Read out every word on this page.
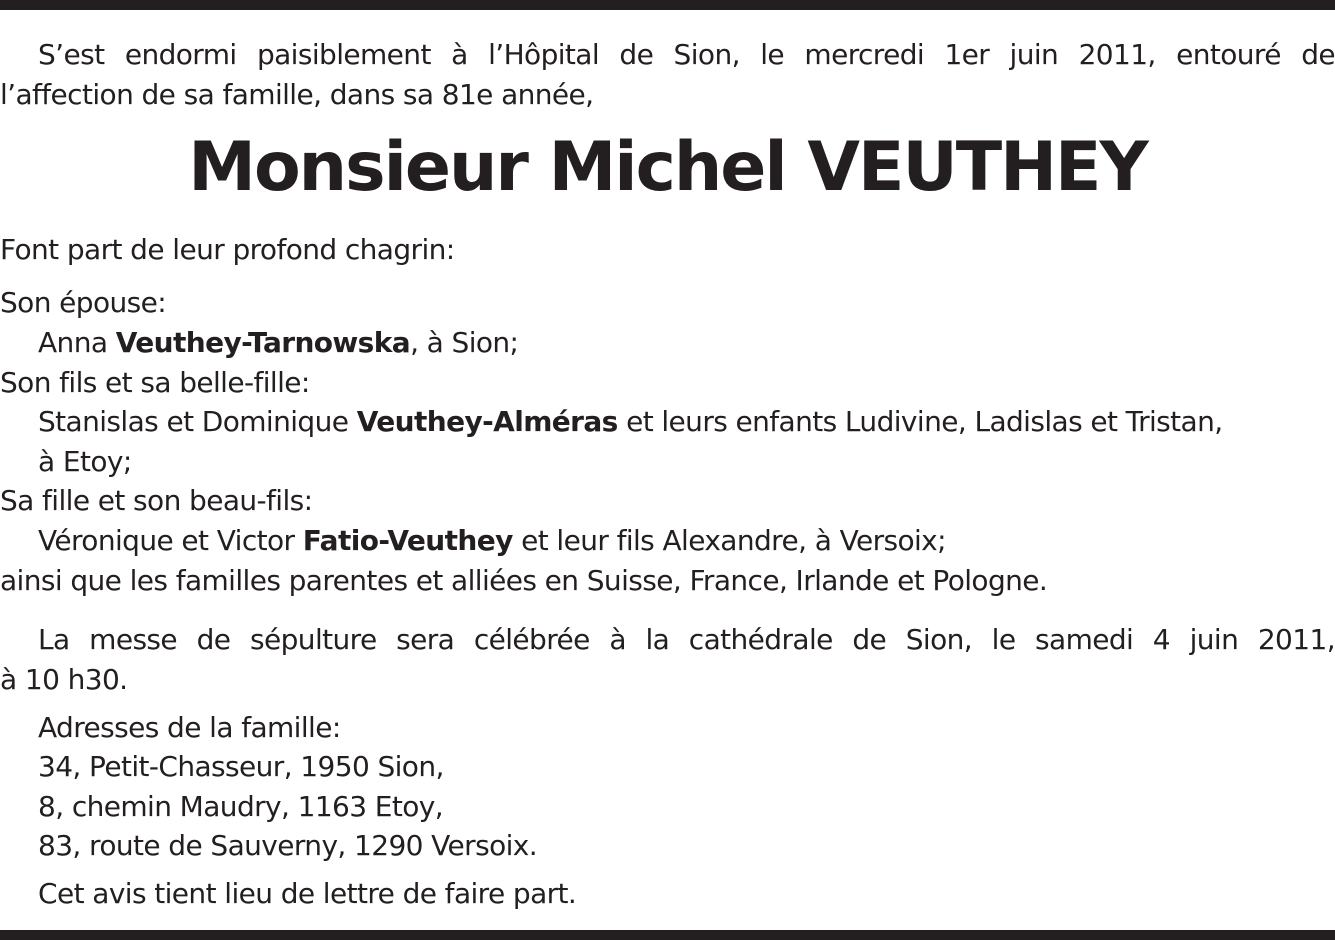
S’est endormi paisiblement à l’Hôpital de Sion, le mercredi 1er juin 2011, entouré de
l’affection de sa famille, dans sa 81e année,
Monsieur Michel VEUTHEY
Font part de leur profond chagrin:
Son épouse:
Anna Veuthey-Tarnowska, à Sion;
Son fils et sa belle-fille:
Stanislas et Dominique Veuthey-Alméras et leurs enfants Ludivine, Ladislas et Tristan,
à Etoy;
Sa fille et son beau-fils:
Véronique et Victor Fatio-Veuthey et leur fils Alexandre, à Versoix;
ainsi que les familles parentes et alliées en Suisse, France, Irlande et Pologne.
La messe de sépulture sera célébrée à la cathédrale de Sion, le samedi 4 juin 2011,
à 10 h30.
Adresses de la famille:
34, Petit-Chasseur, 1950 Sion,
8, chemin Maudry, 1163 Etoy,
83, route de Sauverny, 1290 Versoix.
Cet avis tient lieu de lettre de faire part.
